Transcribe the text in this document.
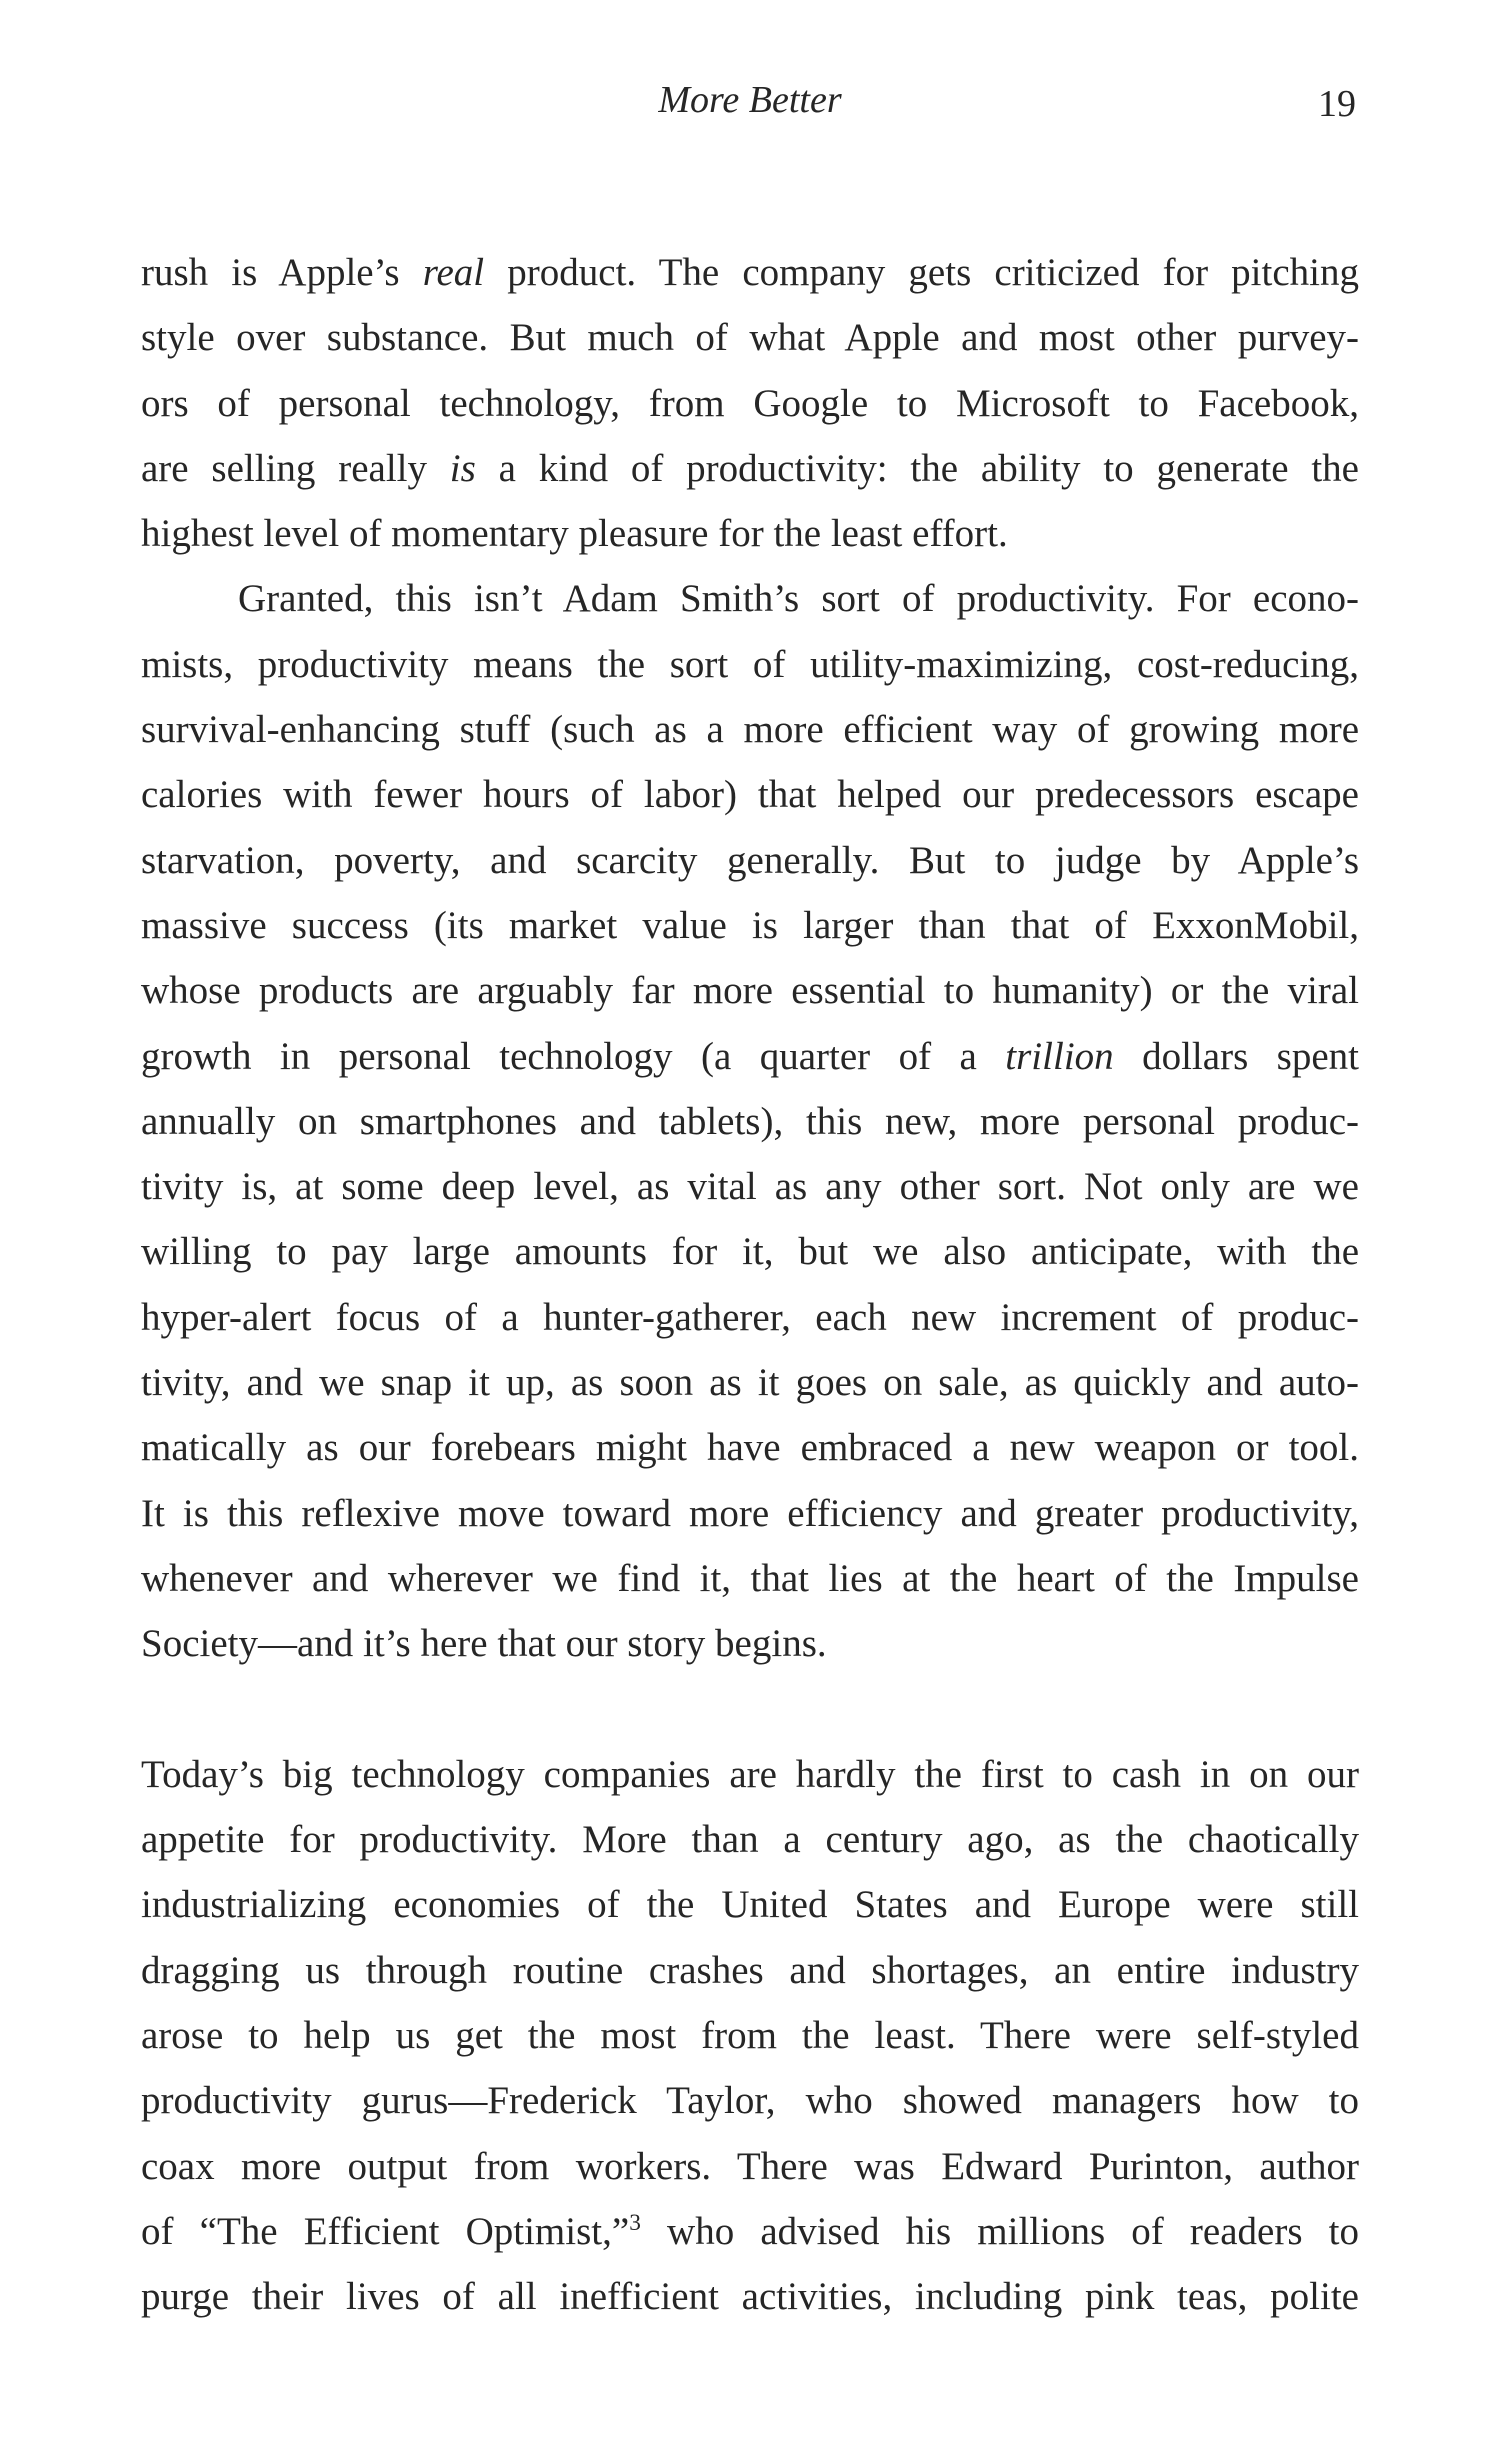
More Better	19
rush is Apple’s real product. The company gets criticized for pitching
style over substance. But much of what Apple and most other purvey-
ors of personal technology, from Google to Microsoft to Facebook,
are selling really is a kind of productivity: the ability to generate the
highest level of momentary pleasure for the least effort.
Granted, this isn’t Adam Smith’s sort of productivity. For econo-
mists, productivity means the sort of utility-maximizing, cost-reducing,
survival-enhancing stuff (such as a more efficient way of growing more
calories with fewer hours of labor) that helped our predecessors escape
starvation, poverty, and scarcity generally. But to judge by Apple’s
massive success (its market value is larger than that of ExxonMobil,
whose products are arguably far more essential to humanity) or the viral
growth in personal technology (a quarter of a trillion dollars spent
annually on smartphones and tablets), this new, more personal produc-
tivity is, at some deep level, as vital as any other sort. Not only are we
willing to pay large amounts for it, but we also anticipate, with the
hyper-alert focus of a hunter-gatherer, each new increment of produc-
tivity, and we snap it up, as soon as it goes on sale, as quickly and auto-
matically as our forebears might have embraced a new weapon or tool.
It is this reflexive move toward more efficiency and greater productivity,
whenever and wherever we find it, that lies at the heart of the Impulse
Society—and it’s here that our story begins.
Today’s big technology companies are hardly the first to cash in on our
appetite for productivity. More than a century ago, as the chaotically
industrializing economies of the United States and Europe were still
dragging us through routine crashes and shortages, an entire industry
arose to help us get the most from the least. There were self-styled
productivity gurus—Frederick Taylor, who showed managers how to
coax more output from workers. There was Edward Purinton, author
of “The Efficient Optimist,”$^3$ who advised his millions of readers to
purge their lives of all inefficient activities, including pink teas, polite
